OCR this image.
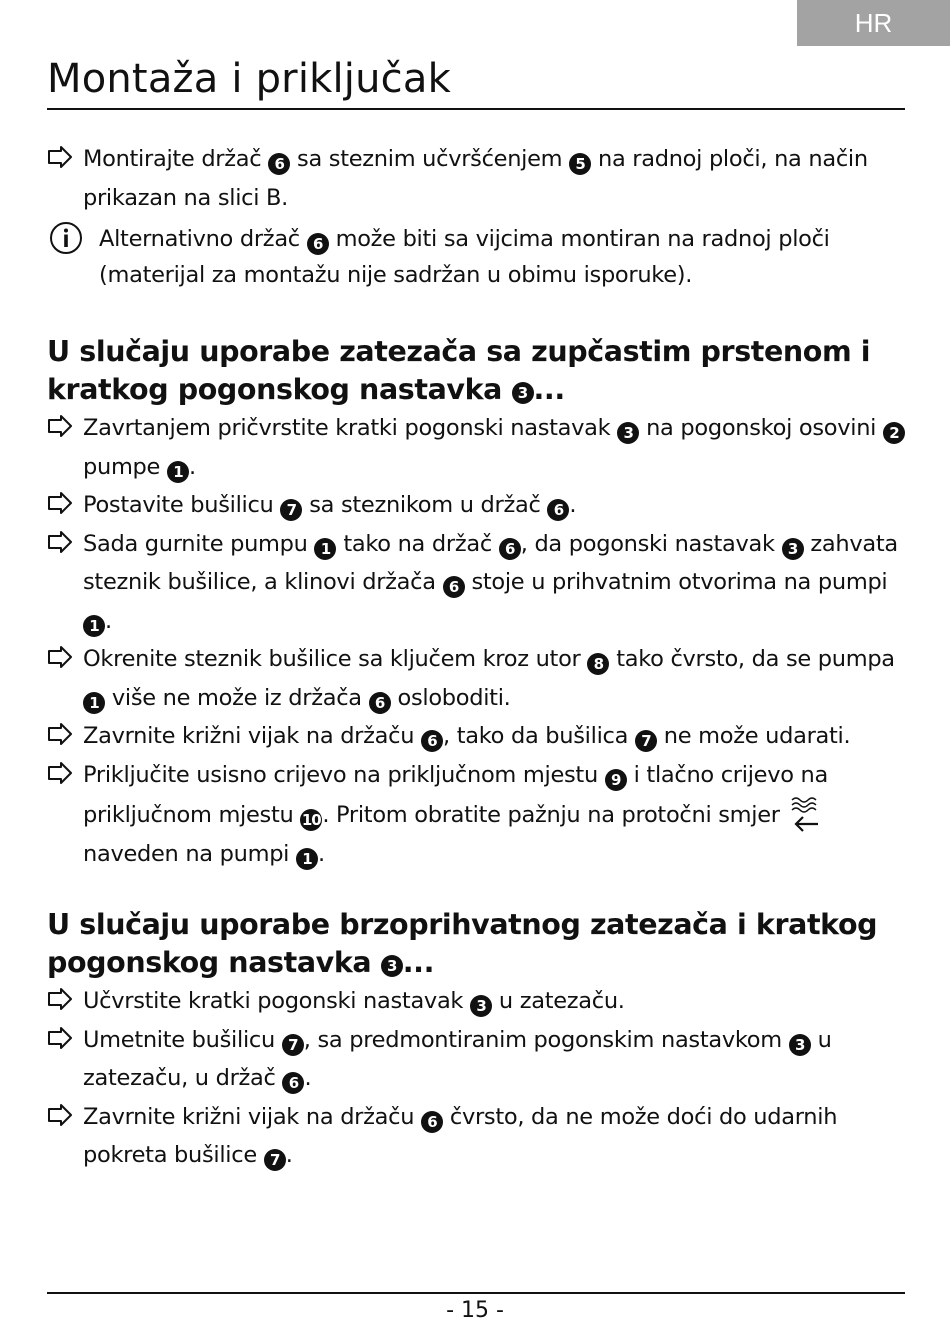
HR
Montaža i priključak
Montirajte držač 6 sa steznim učvršćenjem 5 na radnoj ploči, na način prikazan na slici B.
Alternativno držač 6 može biti sa vijcima montiran na radnoj ploči (materijal za montažu nije sadržan u obimu isporuke).
U slučaju uporabe zatezača sa zupčastim prstenom i kratkog pogonskog nastavka 3 ...
Zavrtanjem pričvrstite kratki pogonski nastavak 3 na pogonskoj osovini 2 pumpe 1 .
Postavite bušilicu 7 sa steznikom u držač 6 .
Sada gurnite pumpu 1 tako na držač 6 , da pogonski nastavak 3 zahvata steznik bušilice, a klinovi držača 6 stoje u prihvatnim otvorima na pumpi 1 .
Okrenite steznik bušilice sa ključem kroz utor 8 tako čvrsto, da se pumpa 1 više ne može iz držača 6 osloboditi.
Zavrnite križni vijak na držaču 6 , tako da bušilica 7 ne može udarati.
Priključite usisno crijevo na priključnom mjestu 9 i tlačno crijevo na priključnom mjestu 10. Pritom obratite pažnju na protočni smjer naveden na pumpi 1 .
U slučaju uporabe brzoprihvatnog zatezača i kratkog pogonskog nastavka 3 ...
Učvrstite kratki pogonski nastavak 3 u zatezaču.
Umetnite bušilicu 7 , sa predmontiranim pogonskim nastavkom 3 u zatezaču, u držač 6 .
Zavrnite križni vijak na držaču 6 čvrsto, da ne može doći do udarnih pokreta bušilice 7 .
- 15 -
